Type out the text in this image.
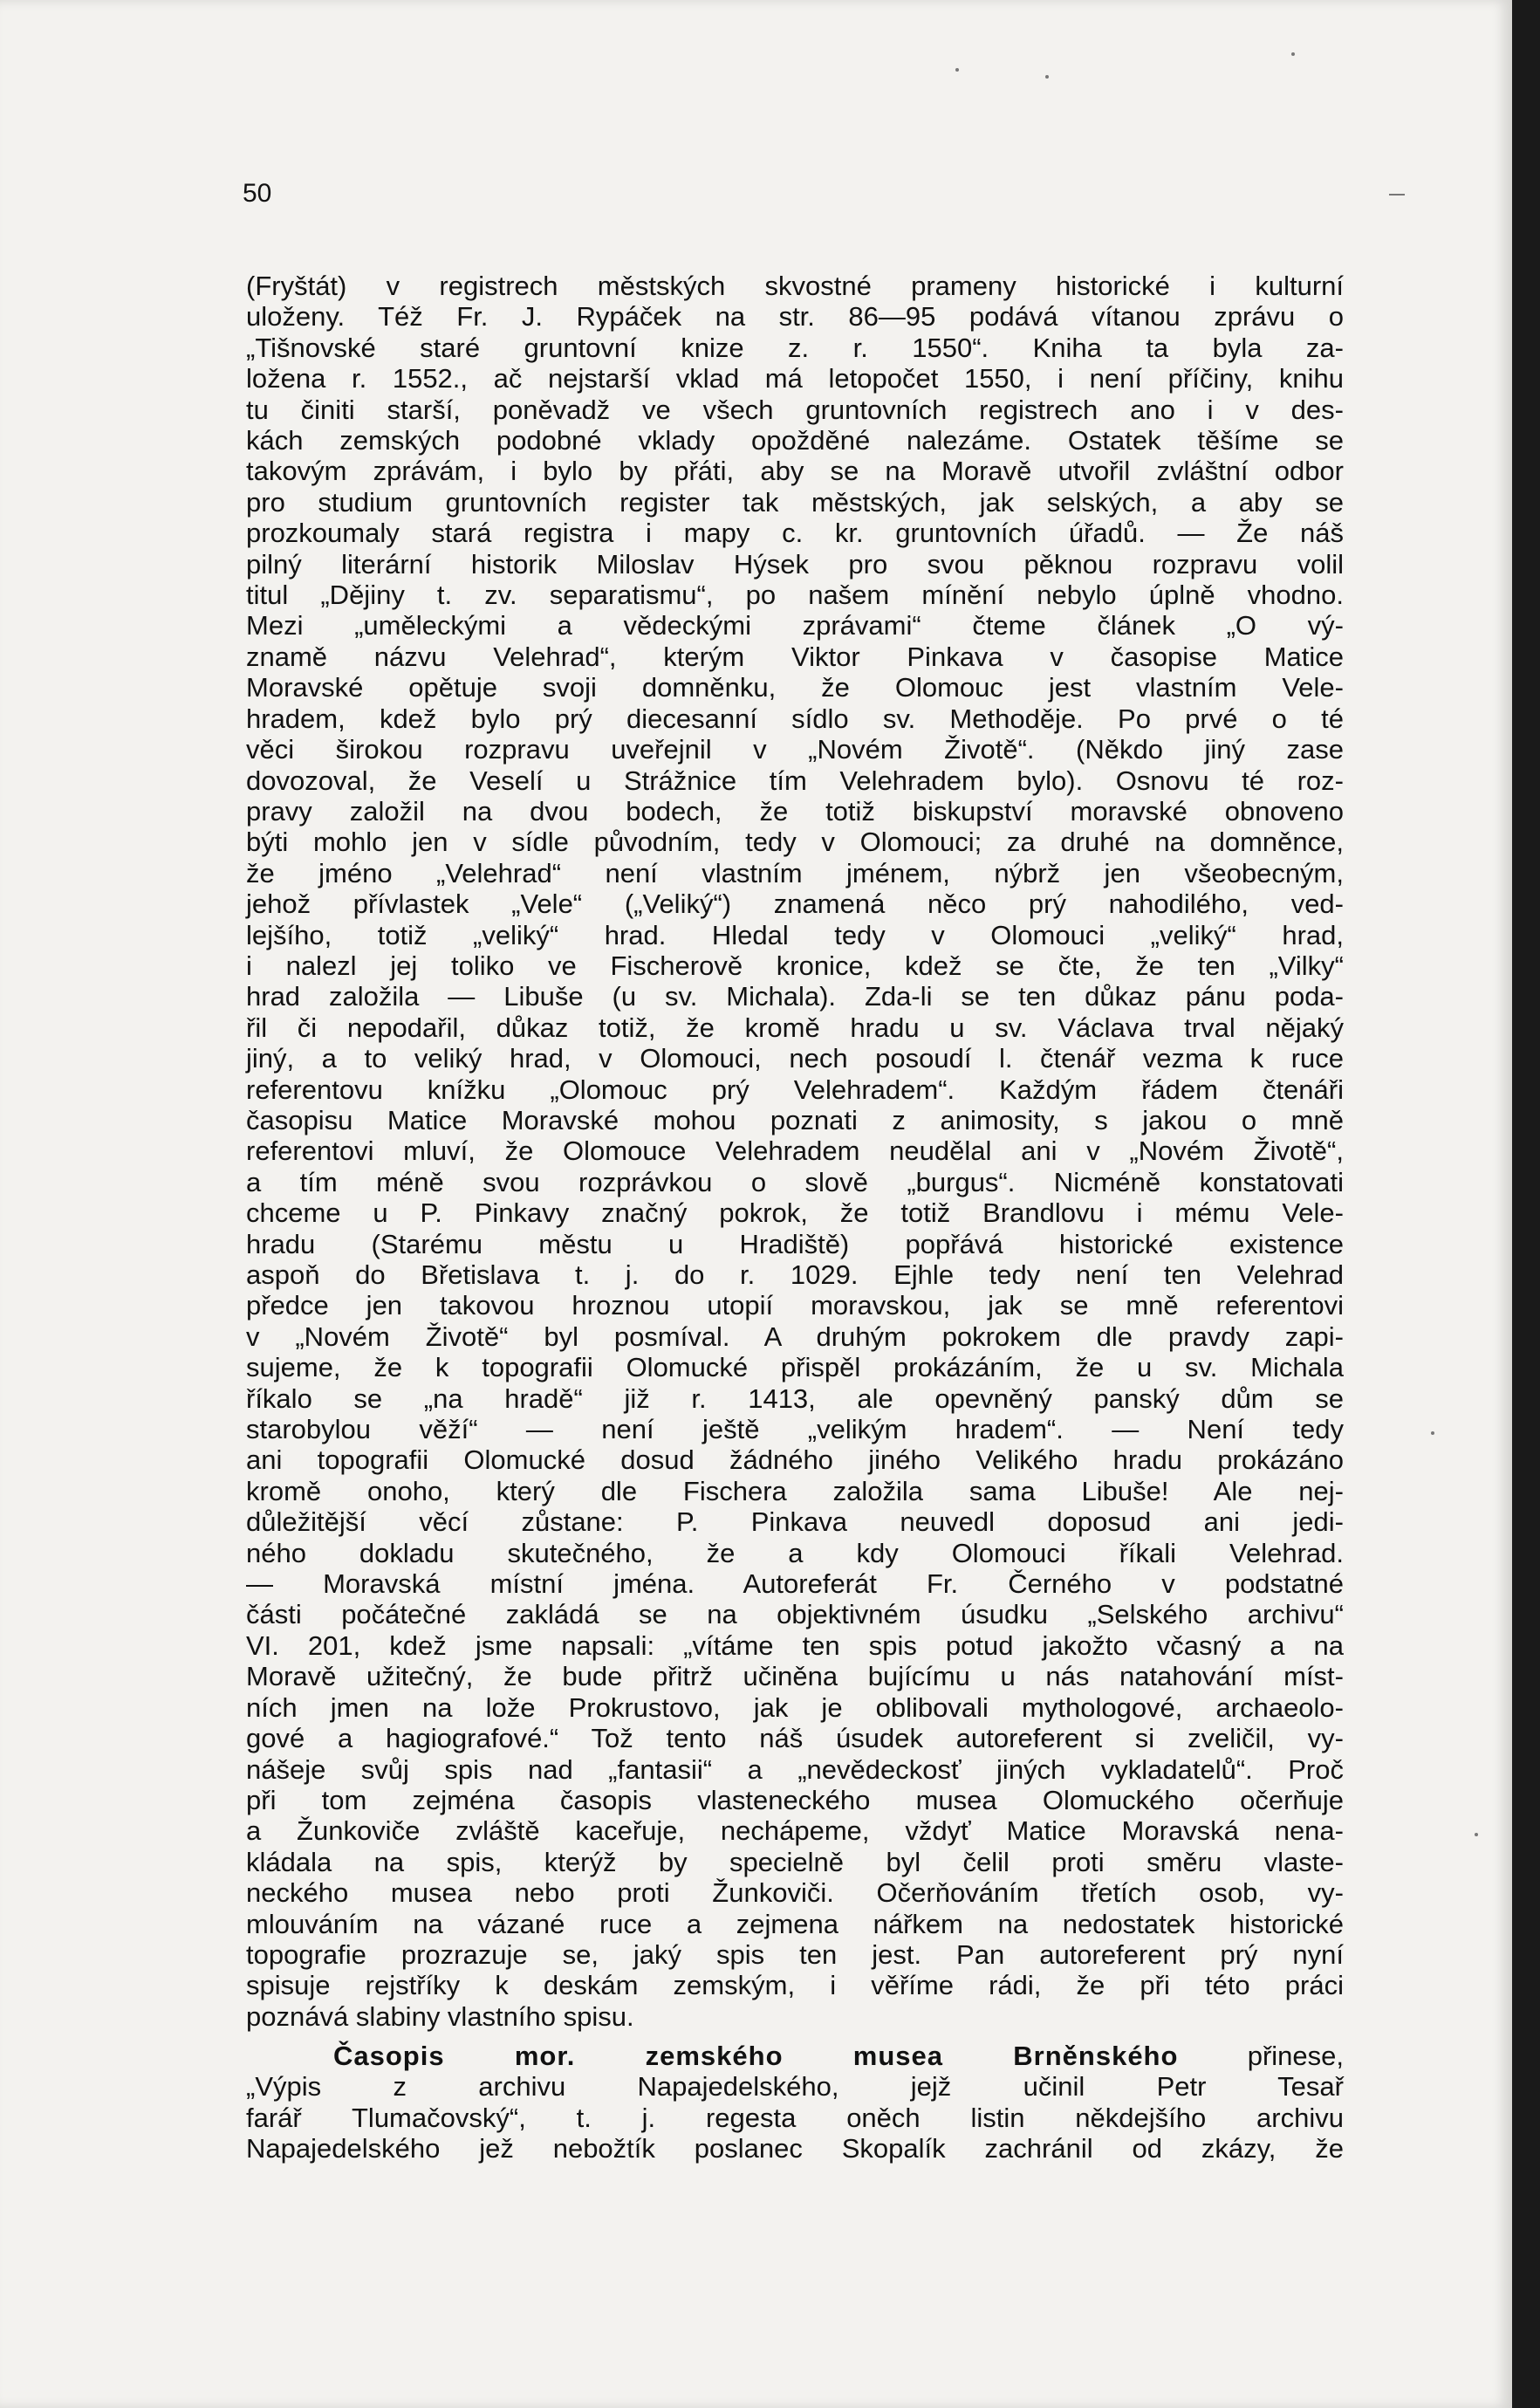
50

(Fryštát) v registrech městských skvostné prameny historické i kulturní
uloženy. Též Fr. J. Rypáček na str. 86—95 podává vítanou zprávu o
„Tišnovské staré gruntovní knize z. r. 1550“. Kniha ta byla za-
ložena r. 1552., ač nejstarší vklad má letopočet 1550, i není příčiny, knihu
tu činiti starší, poněvadž ve všech gruntovních registrech ano i v des-
kách zemských podobné vklady opožděné nalezáme. Ostatek těšíme se
takovým zprávám, i bylo by přáti, aby se na Moravě utvořil zvláštní odbor
pro studium gruntovních register tak městských, jak selských, a aby se
prozkoumaly stará registra i mapy c. kr. gruntovních úřadů. — Že náš
pilný literární historik Miloslav Hýsek pro svou pěknou rozpravu volil
titul „Dějiny t. zv. separatismu“, po našem mínění nebylo úplně vhodno.
Mezi „uměleckými a vědeckými zprávami“ čteme článek „O vý-
znamě názvu Velehrad“, kterým Viktor Pinkava v časopise Matice
Moravské opětuje svoji domněnku, že Olomouc jest vlastním Vele-
hradem, kdež bylo prý diecesanní sídlo sv. Methoděje. Po prvé o té
věci širokou rozpravu uveřejnil v „Novém Životě“. (Někdo jiný zase
dovozoval, že Veselí u Strážnice tím Velehradem bylo). Osnovu té roz-
pravy založil na dvou bodech, že totiž biskupství moravské obnoveno
býti mohlo jen v sídle původním, tedy v Olomouci; za druhé na domněnce,
že jméno „Velehrad“ není vlastním jménem, nýbrž jen všeobecným,
jehož přívlastek „Vele“ („Veliký“) znamená něco prý nahodilého, ved-
lejšího, totiž „veliký“ hrad. Hledal tedy v Olomouci „veliký“ hrad,
i nalezl jej toliko ve Fischerově kronice, kdež se čte, že ten „Vilky“
hrad založila — Libuše (u sv. Michala). Zda-li se ten důkaz pánu poda-
řil či nepodařil, důkaz totiž, že kromě hradu u sv. Václava trval nějaký
jiný, a to veliký hrad, v Olomouci, nech posoudí l. čtenář vezma k ruce
referentovu knížku „Olomouc prý Velehradem“. Každým řádem čtenáři
časopisu Matice Moravské mohou poznati z animosity, s jakou o mně
referentovi mluví, že Olomouce Velehradem neudělal ani v „Novém Životě“,
a tím méně svou rozprávkou o slově „burgus“. Nicméně konstatovati
chceme u P. Pinkavy značný pokrok, že totiž Brandlovu i mému Vele-
hradu (Starému městu u Hradiště) popřává historické existence
aspoň do Břetislava t. j. do r. 1029. Ejhle tedy není ten Velehrad
předce jen takovou hroznou utopií moravskou, jak se mně referentovi
v „Novém Životě“ byl posmíval. A druhým pokrokem dle pravdy zapi-
sujeme, že k topografii Olomucké přispěl prokázáním, že u sv. Michala
říkalo se „na hradě“ již r. 1413, ale opevněný panský dům se
starobylou věží“ — není ještě „velikým hradem“. — Není tedy
ani topografii Olomucké dosud žádného jiného Velikého hradu prokázáno
kromě onoho, který dle Fischera založila sama Libuše! Ale nej-
důležitější věcí zůstane: P. Pinkava neuvedl doposud ani jedi-
ného dokladu skutečného, že a kdy Olomouci říkali Velehrad.
— Moravská místní jména. Autoreferát Fr. Černého v podstatné
části počátečné zakládá se na objektivném úsudku „Selského archivu“
VI. 201, kdež jsme napsali: „vítáme ten spis potud jakožto včasný a na
Moravě užitečný, že bude přitrž učiněna bujícímu u nás natahování míst-
ních jmen na lože Prokrustovo, jak je oblibovali mythologové, archaeolo-
gové a hagiografové.“ Tož tento náš úsudek autoreferent si zveličil, vy-
nášeje svůj spis nad „fantasii“ a „nevědeckosť jiných vykladatelů“. Proč
při tom zejména časopis vlasteneckého musea Olomuckého očerňuje
a Žunkoviče zvláště kaceřuje, nechápeme, vždyť Matice Moravská nena-
kládala na spis, kterýž by specielně byl čelil proti směru vlaste-
neckého musea nebo proti Žunkoviči. Očerňováním třetích osob, vy-
mlouváním na vázané ruce a zejmena nářkem na nedostatek historické
topografie prozrazuje se, jaký spis ten jest. Pan autoreferent prý nyní
spisuje rejstříky k deskám zemským, i věříme rádi, že při této práci
poznává slabiny vlastního spisu.

Časopis mor. zemského musea Brněnského přinese,
„Výpis z archivu Napajedelského, jejž učinil Petr Tesař
farář Tlumačovský“, t. j. regesta oněch listin někdejšího archivu
Napajedelského jež nebožtík poslanec Skopalík zachránil od zkázy, že
